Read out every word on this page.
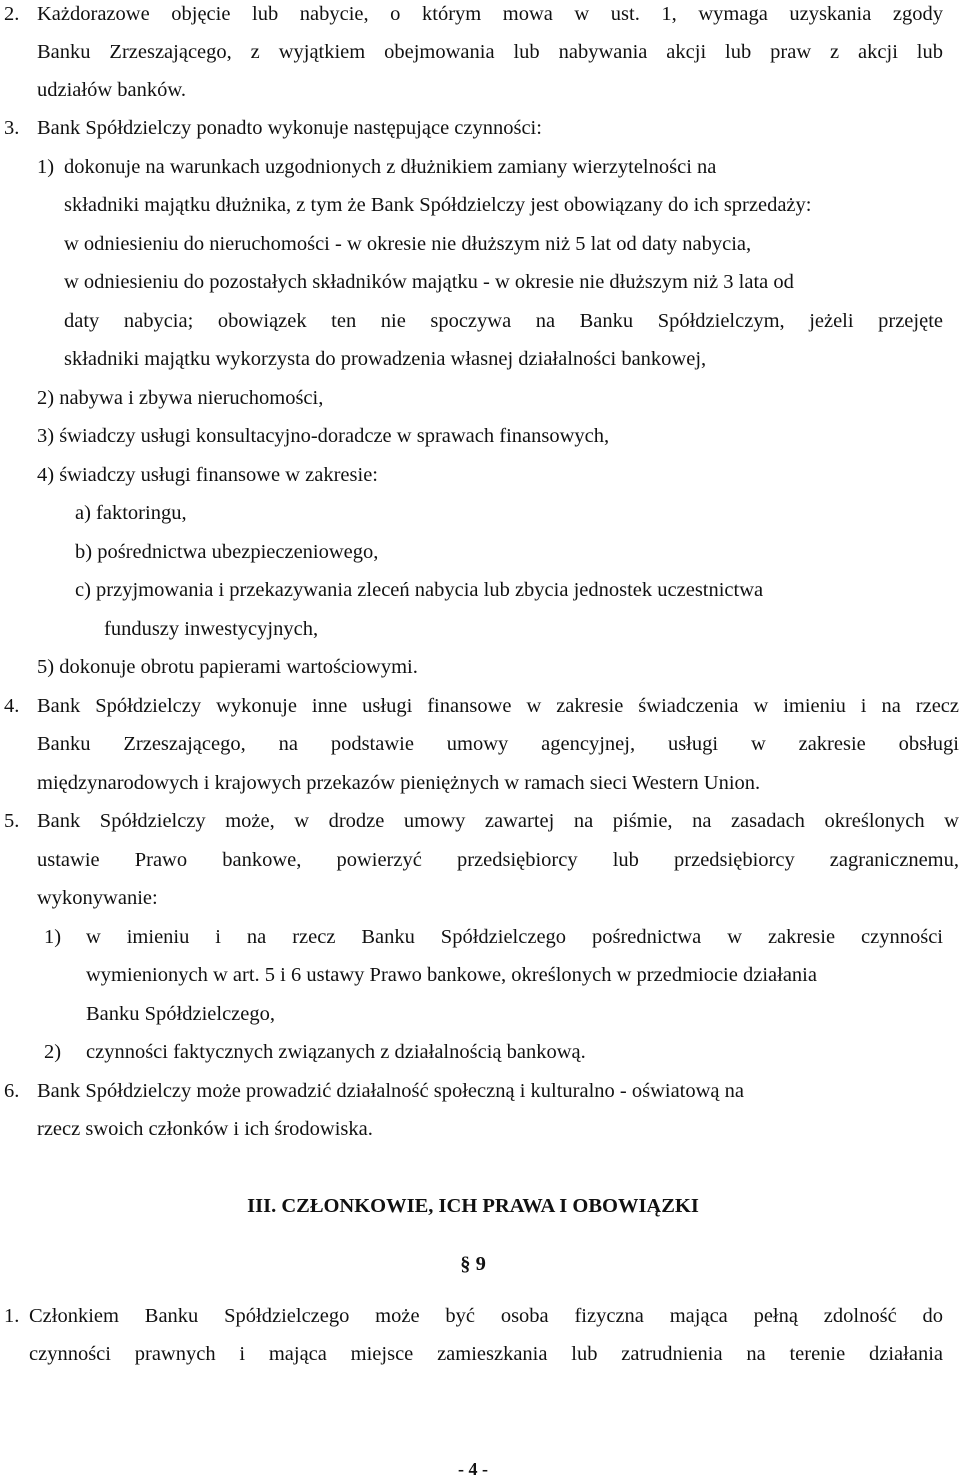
2. Każdorazowe objęcie lub nabycie, o którym mowa w ust. 1, wymaga uzyskania zgody
Banku Zrzeszającego, z wyjątkiem obejmowania lub nabywania akcji lub praw z akcji lub
udziałów banków.
3. Bank Spółdzielczy ponadto wykonuje następujące czynności:
1) dokonuje na warunkach uzgodnionych z dłużnikiem zamiany wierzytelności na
składniki majątku dłużnika, z tym że Bank Spółdzielczy jest obowiązany do ich sprzedaży:
w odniesieniu do nieruchomości - w okresie nie dłuższym niż 5 lat od daty nabycia,
w odniesieniu do pozostałych składników majątku - w okresie nie dłuższym niż 3 lata od
daty nabycia; obowiązek ten nie spoczywa na Banku Spółdzielczym, jeżeli przejęte
składniki majątku wykorzysta do prowadzenia własnej działalności bankowej,
2) nabywa i zbywa nieruchomości,
3) świadczy usługi konsultacyjno-doradcze w sprawach finansowych,
4) świadczy usługi finansowe w zakresie:
a) faktoringu,
b) pośrednictwa ubezpieczeniowego,
c) przyjmowania i przekazywania zleceń nabycia lub zbycia jednostek uczestnictwa
funduszy inwestycyjnych,
5) dokonuje obrotu papierami wartościowymi.
4. Bank Spółdzielczy wykonuje inne usługi finansowe w zakresie świadczenia w imieniu i na rzecz
Banku Zrzeszającego, na podstawie umowy agencyjnej, usługi w zakresie obsługi
międzynarodowych i krajowych przekazów pieniężnych w ramach sieci Western Union.
5. Bank Spółdzielczy może, w drodze umowy zawartej na piśmie, na zasadach określonych w
ustawie Prawo bankowe, powierzyć przedsiębiorcy lub przedsiębiorcy zagranicznemu,
wykonywanie:
1) w imieniu i na rzecz Banku Spółdzielczego pośrednictwa w zakresie czynności
wymienionych w art. 5 i 6 ustawy Prawo bankowe, określonych w przedmiocie działania
Banku Spółdzielczego,
2) czynności faktycznych związanych z działalnością bankową.
6. Bank Spółdzielczy może prowadzić działalność społeczną i kulturalno - oświatową na
rzecz swoich członków i ich środowiska.
III. CZŁONKOWIE, ICH PRAWA I OBOWIĄZKI
§ 9
1. Członkiem Banku Spółdzielczego może być osoba fizyczna mająca pełną zdolność do
czynności prawnych i mająca miejsce zamieszkania lub zatrudnienia na terenie działania
- 4 -
